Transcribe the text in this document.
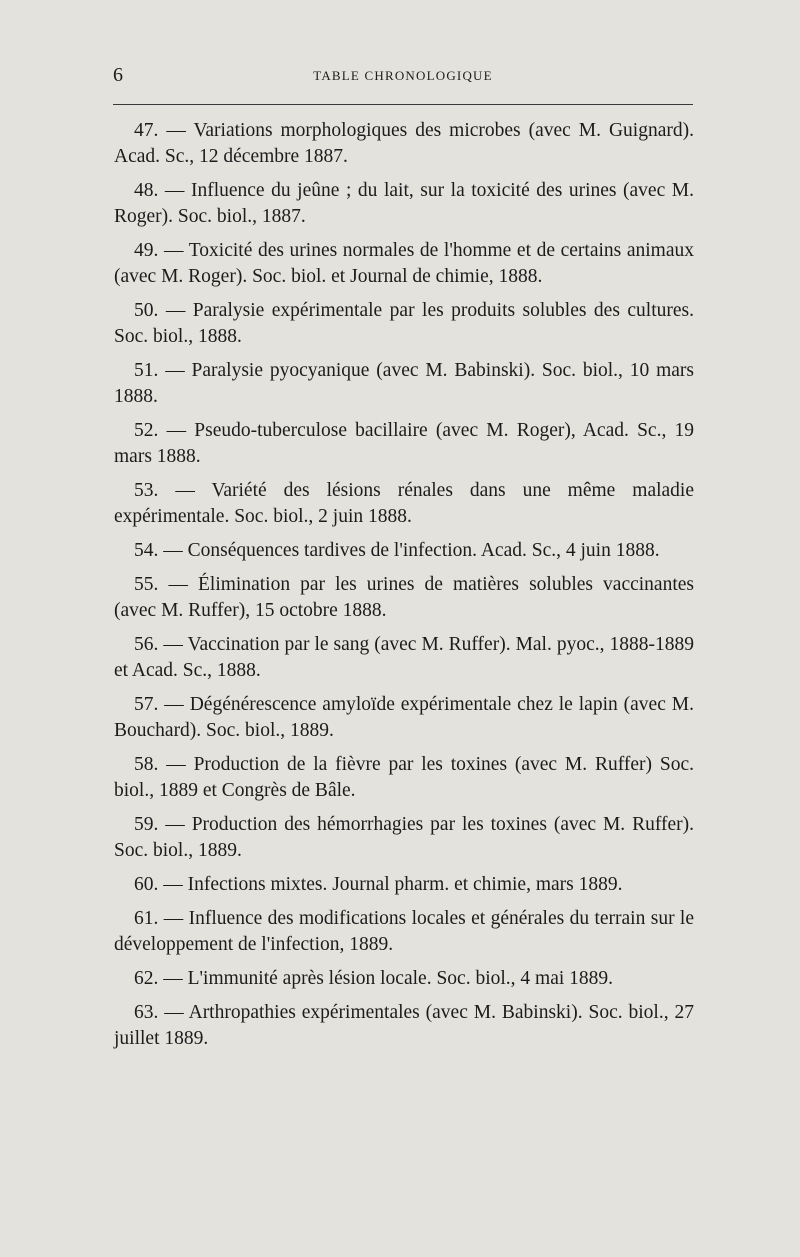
6	TABLE CHRONOLOGIQUE

47. — Variations morphologiques des microbes (avec M. Guignard). Acad. Sc., 12 décembre 1887.

48. — Influence du jeûne ; du lait, sur la toxicité des urines (avec M. Roger). Soc. biol., 1887.

49. — Toxicité des urines normales de l'homme et de certains animaux (avec M. Roger). Soc. biol. et Journal de chimie, 1888.

50. — Paralysie expérimentale par les produits solubles des cultures. Soc. biol., 1888.

51. — Paralysie pyocyanique (avec M. Babinski). Soc. biol., 10 mars 1888.

52. — Pseudo-tuberculose bacillaire (avec M. Roger), Acad. Sc., 19 mars 1888.

53. — Variété des lésions rénales dans une même maladie expérimentale. Soc. biol., 2 juin 1888.

54. — Conséquences tardives de l'infection. Acad. Sc., 4 juin 1888.

55. — Élimination par les urines de matières solubles vaccinantes (avec M. Ruffer), 15 octobre 1888.

56. — Vaccination par le sang (avec M. Ruffer). Mal. pyoc., 1888-1889 et Acad. Sc., 1888.

57. — Dégénérescence amyloïde expérimentale chez le lapin (avec M. Bouchard). Soc. biol., 1889.

58. — Production de la fièvre par les toxines (avec M. Ruffer) Soc. biol., 1889 et Congrès de Bâle.

59. — Production des hémorrhagies par les toxines (avec M. Ruffer). Soc. biol., 1889.

60. — Infections mixtes. Journal pharm. et chimie, mars 1889.

61. — Influence des modifications locales et générales du terrain sur le développement de l'infection, 1889.

62. — L'immunité après lésion locale. Soc. biol., 4 mai 1889.

63. — Arthropathies expérimentales (avec M. Babinski). Soc. biol., 27 juillet 1889.
